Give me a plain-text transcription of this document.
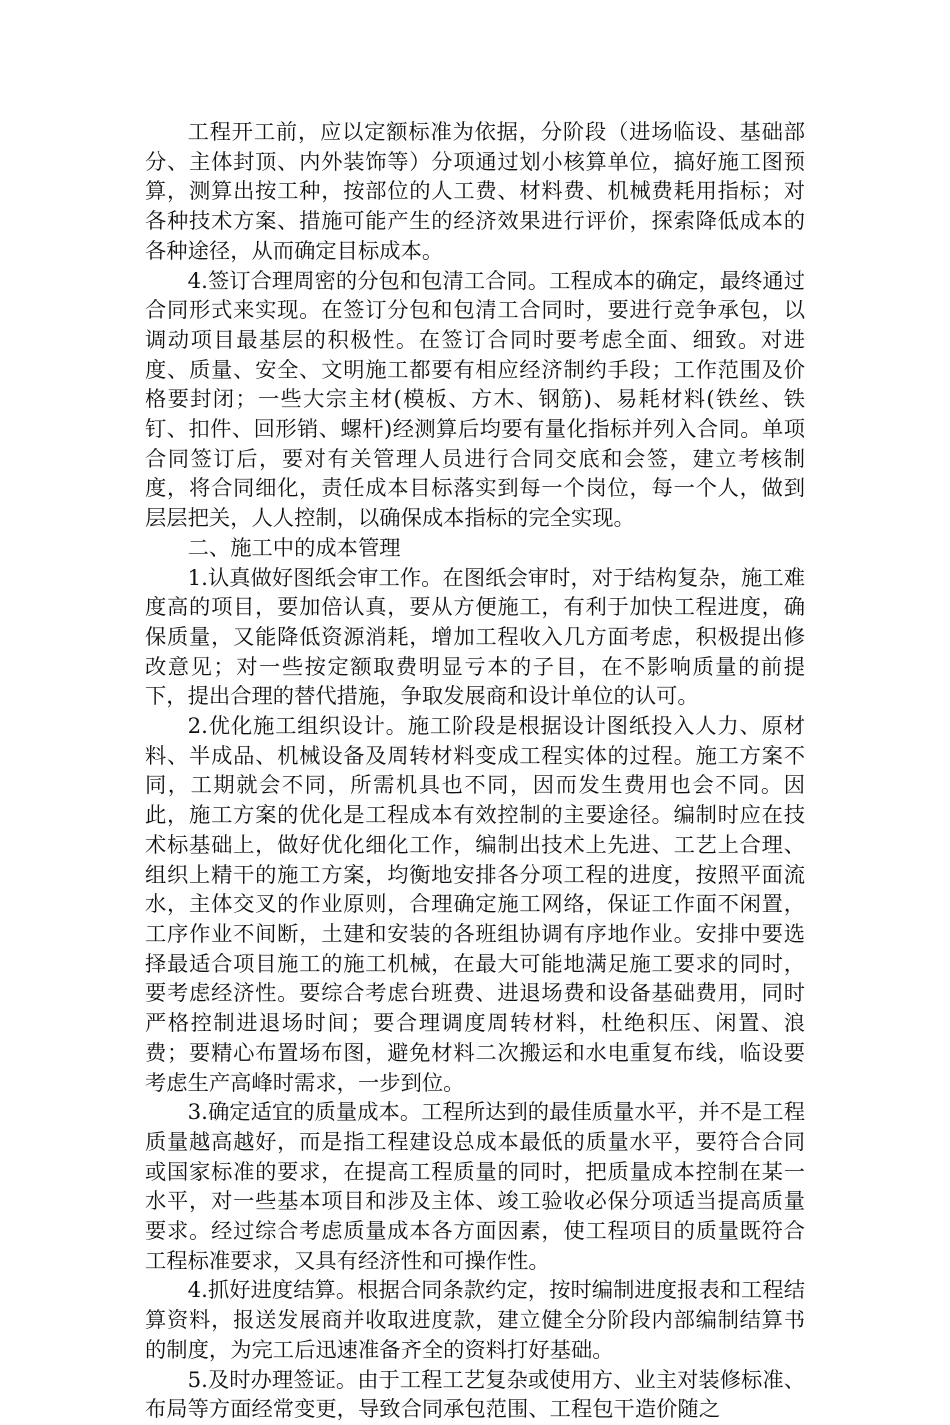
工程开工前，应以定额标准为依据，分阶段（进场临设、基础部分、主体封顶、内外装饰等）分项通过划小核算单位，搞好施工图预算，测算出按工种，按部位的人工费、材料费、机械费耗用指标；对各种技术方案、措施可能产生的经济效果进行评价，探索降低成本的各种途径，从而确定目标成本。

4.签订合理周密的分包和包清工合同。工程成本的确定，最终通过合同形式来实现。在签订分包和包清工合同时，要进行竞争承包，以调动项目最基层的积极性。在签订合同时要考虑全面、细致。对进度、质量、安全、文明施工都要有相应经济制约手段；工作范围及价格要封闭；一些大宗主材(模板、方木、钢筋)、易耗材料(铁丝、铁钉、扣件、回形销、螺杆)经测算后均要有量化指标并列入合同。单项合同签订后，要对有关管理人员进行合同交底和会签，建立考核制度，将合同细化，责任成本目标落实到每一个岗位，每一个人，做到层层把关，人人控制，以确保成本指标的完全实现。

二、施工中的成本管理

1.认真做好图纸会审工作。在图纸会审时，对于结构复杂，施工难度高的项目，要加倍认真，要从方便施工，有利于加快工程进度，确保质量，又能降低资源消耗，增加工程收入几方面考虑，积极提出修改意见；对一些按定额取费明显亏本的子目，在不影响质量的前提下，提出合理的替代措施，争取发展商和设计单位的认可。

2.优化施工组织设计。施工阶段是根据设计图纸投入人力、原材料、半成品、机械设备及周转材料变成工程实体的过程。施工方案不同，工期就会不同，所需机具也不同，因而发生费用也会不同。因此，施工方案的优化是工程成本有效控制的主要途径。编制时应在技术标基础上，做好优化细化工作，编制出技术上先进、工艺上合理、组织上精干的施工方案，均衡地安排各分项工程的进度，按照平面流水，主体交叉的作业原则，合理确定施工网络，保证工作面不闲置，工序作业不间断，土建和安装的各班组协调有序地作业。安排中要选择最适合项目施工的施工机械，在最大可能地满足施工要求的同时，要考虑经济性。要综合考虑台班费、进退场费和设备基础费用，同时严格控制进退场时间；要合理调度周转材料，杜绝积压、闲置、浪费；要精心布置场布图，避免材料二次搬运和水电重复布线，临设要考虑生产高峰时需求，一步到位。

3.确定适宜的质量成本。工程所达到的最佳质量水平，并不是工程质量越高越好，而是指工程建设总成本最低的质量水平，要符合合同或国家标准的要求，在提高工程质量的同时，把质量成本控制在某一水平，对一些基本项目和涉及主体、竣工验收必保分项适当提高质量要求。经过综合考虑质量成本各方面因素，使工程项目的质量既符合工程标准要求，又具有经济性和可操作性。

4.抓好进度结算。根据合同条款约定，按时编制进度报表和工程结算资料，报送发展商并收取进度款，建立健全分阶段内部编制结算书的制度，为完工后迅速准备齐全的资料打好基础。

5.及时办理签证。由于工程工艺复杂或使用方、业主对装修标准、布局等方面经常变更，导致合同承包范围、工程包干造价随之
